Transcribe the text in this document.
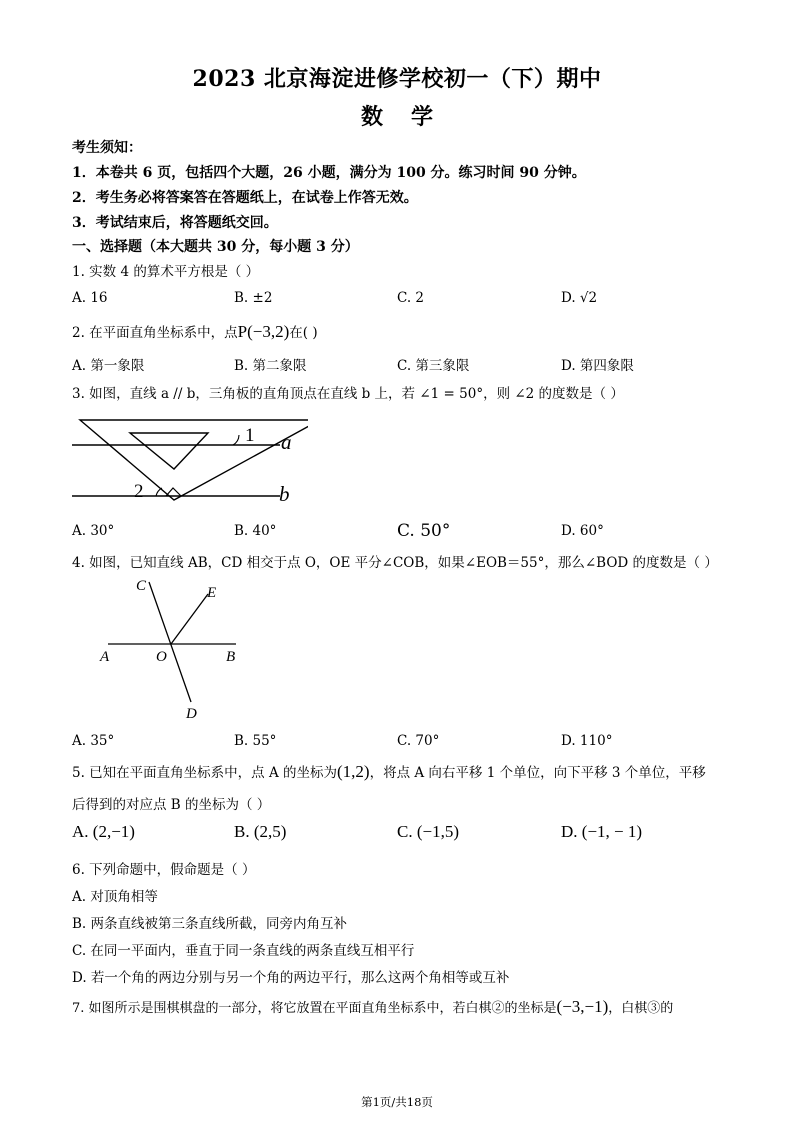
2023 北京海淀进修学校初一（下）期中
数学
考生须知：
1．本卷共 6 页，包括四个大题，26 小题，满分为 100 分。练习时间 90 分钟。
2．考生务必将答案答在答题纸上，在试卷上作答无效。
3．考试结束后，将答题纸交回。
一、选择题（本大题共 30 分，每小题 3 分）
1. 实数 4 的算术平方根是（ ）
A. 16	B. ±2	C. 2	D. √2
2. 在平面直角坐标系中，点P(−3,2)在( )
A. 第一象限	B. 第二象限	C. 第三象限	D. 第四象限
3. 如图，直线 a // b，三角板的直角顶点在直线 b 上，若 ∠1 = 50°，则 ∠2 的度数是（ ）
1
2
a
b
A. 30°	B. 40°	C. 50°	D. 60°
4. 如图，已知直线 AB，CD 相交于点 O，OE 平分∠COB，如果∠EOB＝55°，那么∠BOD 的度数是（ ）
C	E
A	O	B
D
A. 35°	B. 55°	C. 70°	D. 110°
5. 已知在平面直角坐标系中，点 A 的坐标为(1,2)，将点 A 向右平移 1 个单位，向下平移 3 个单位，平移
后得到的对应点 B 的坐标为（ ）
A. (2,−1)	B. (2,5)	C. (−1,5)	D. (−1, − 1)
6. 下列命题中，假命题是（ ）
A. 对顶角相等
B. 两条直线被第三条直线所截，同旁内角互补
C. 在同一平面内，垂直于同一条直线的两条直线互相平行
D. 若一个角的两边分别与另一个角的两边平行，那么这两个角相等或互补
7. 如图所示是围棋棋盘的一部分，将它放置在平面直角坐标系中，若白棋②的坐标是(−3,−1)，白棋③的
第1页/共18页
